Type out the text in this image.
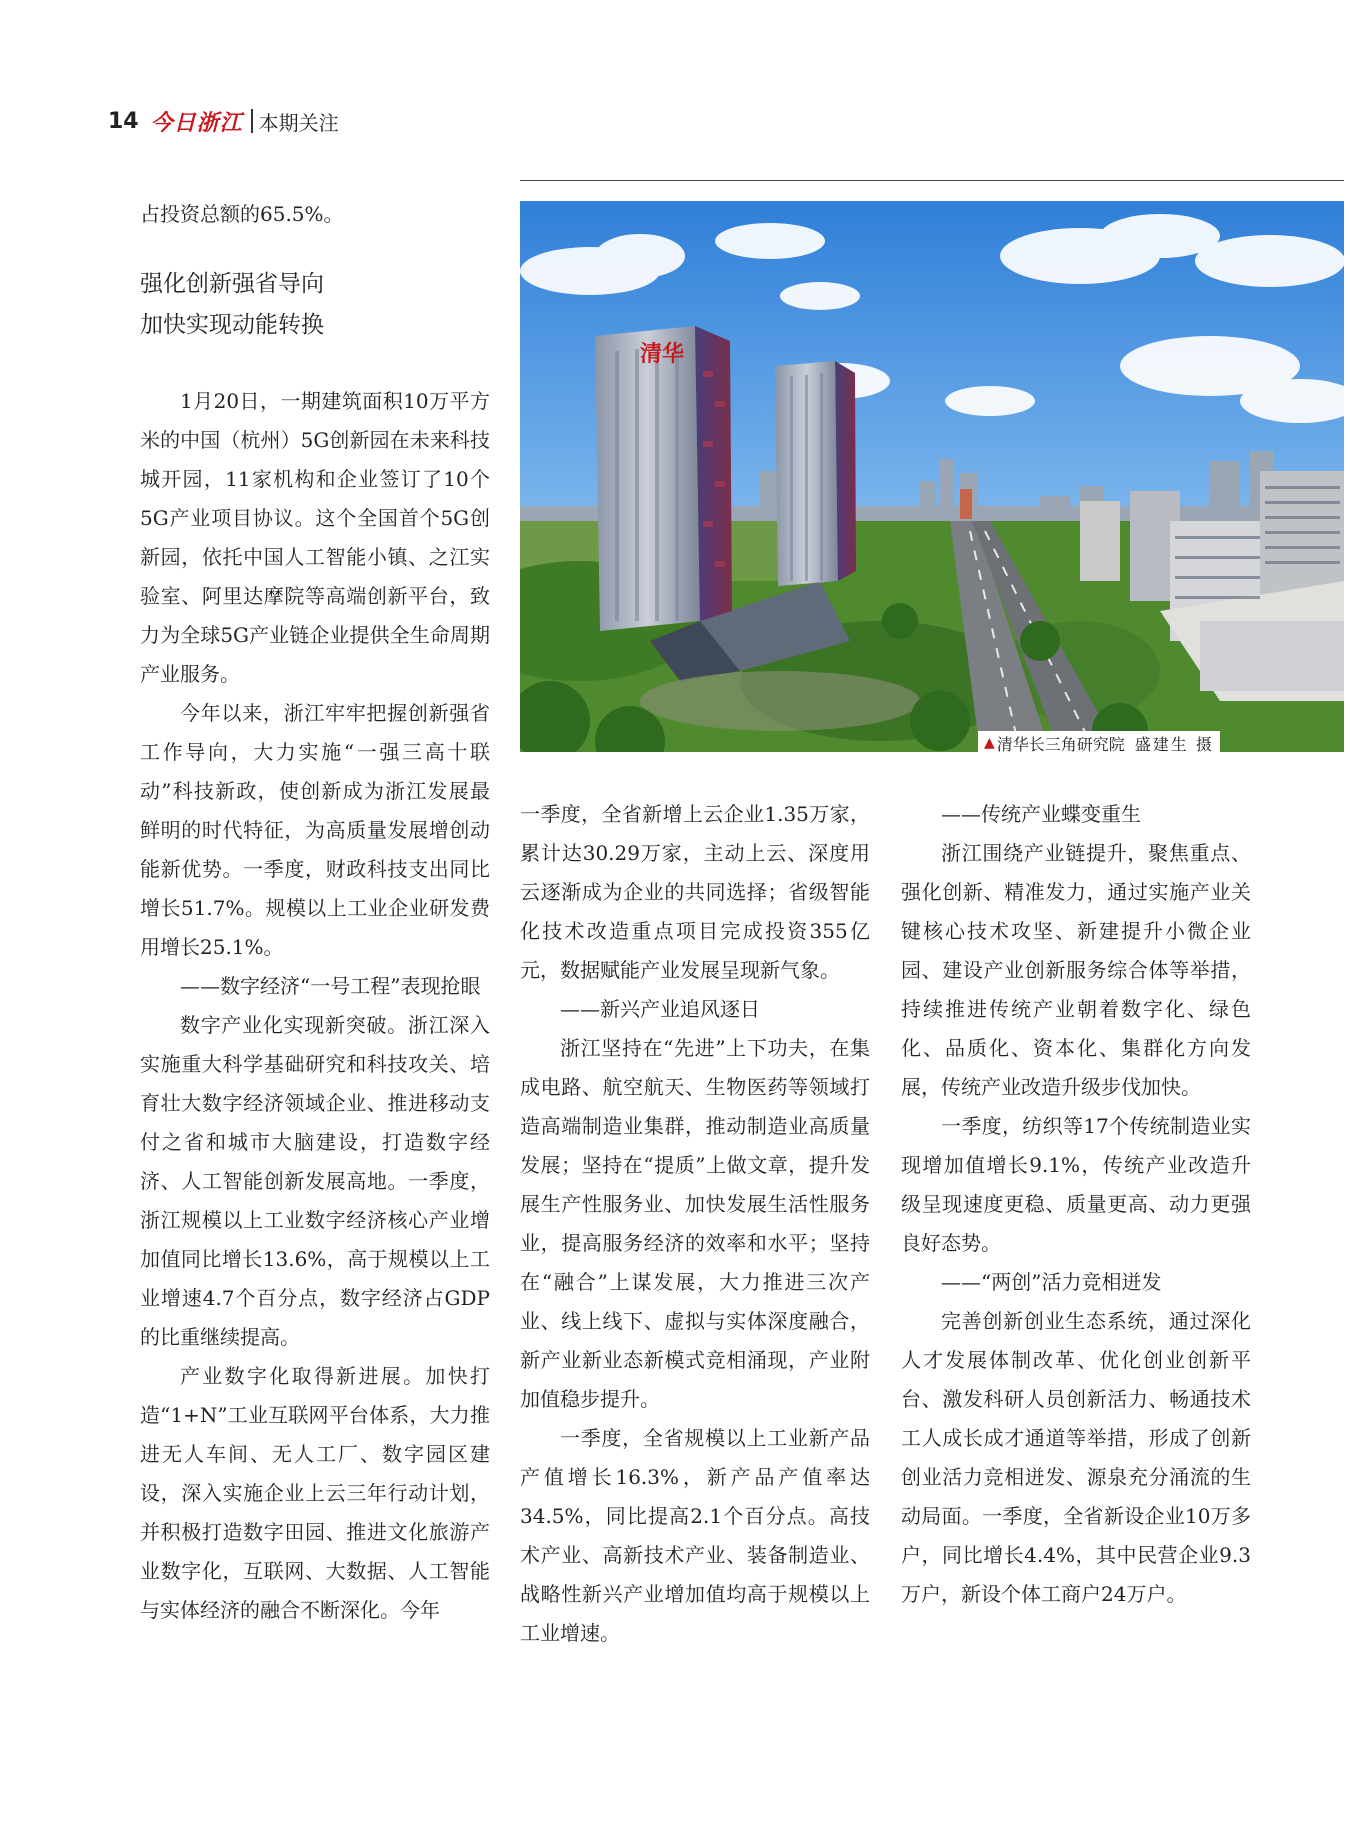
14 今日浙江 本期关注

占投资总额的65.5%。

强化创新强省导向
加快实现动能转换

1月20日，一期建筑面积10万平方米的中国（杭州）5G创新园在未来科技城开园，11家机构和企业签订了10个5G产业项目协议。这个全国首个5G创新园，依托中国人工智能小镇、之江实验室、阿里达摩院等高端创新平台，致力为全球5G产业链企业提供全生命周期产业服务。

今年以来，浙江牢牢把握创新强省工作导向，大力实施“一强三高十联动”科技新政，使创新成为浙江发展最鲜明的时代特征，为高质量发展增创动能新优势。一季度，财政科技支出同比增长51.7%。规模以上工业企业研发费用增长25.1%。

——数字经济“一号工程”表现抢眼

数字产业化实现新突破。浙江深入实施重大科学基础研究和科技攻关、培育壮大数字经济领域企业、推进移动支付之省和城市大脑建设，打造数字经济、人工智能创新发展高地。一季度，浙江规模以上工业数字经济核心产业增加值同比增长13.6%，高于规模以上工业增速4.7个百分点，数字经济占GDP的比重继续提高。

产业数字化取得新进展。加快打造“1+N”工业互联网平台体系，大力推进无人车间、无人工厂、数字园区建设，深入实施企业上云三年行动计划，并积极打造数字田园、推进文化旅游产业数字化，互联网、大数据、人工智能与实体经济的融合不断深化。今年

清华
▲ 清华长三角研究院 盛建生 摄

一季度，全省新增上云企业1.35万家，累计达30.29万家，主动上云、深度用云逐渐成为企业的共同选择；省级智能化技术改造重点项目完成投资355亿元，数据赋能产业发展呈现新气象。

——新兴产业追风逐日

浙江坚持在“先进”上下功夫，在集成电路、航空航天、生物医药等领域打造高端制造业集群，推动制造业高质量发展；坚持在“提质”上做文章，提升发展生产性服务业、加快发展生活性服务业，提高服务经济的效率和水平；坚持在“融合”上谋发展，大力推进三次产业、线上线下、虚拟与实体深度融合，新产业新业态新模式竞相涌现，产业附加值稳步提升。

一季度，全省规模以上工业新产品产值增长16.3%，新产品产值率达34.5%，同比提高2.1个百分点。高技术产业、高新技术产业、装备制造业、战略性新兴产业增加值均高于规模以上工业增速。

——传统产业蝶变重生

浙江围绕产业链提升，聚焦重点、强化创新、精准发力，通过实施产业关键核心技术攻坚、新建提升小微企业园、建设产业创新服务综合体等举措，持续推进传统产业朝着数字化、绿色化、品质化、资本化、集群化方向发展，传统产业改造升级步伐加快。

一季度，纺织等17个传统制造业实现增加值增长9.1%，传统产业改造升级呈现速度更稳、质量更高、动力更强良好态势。

——“两创”活力竞相迸发

完善创新创业生态系统，通过深化人才发展体制改革、优化创业创新平台、激发科研人员创新活力、畅通技术工人成长成才通道等举措，形成了创新创业活力竞相迸发、源泉充分涌流的生动局面。一季度，全省新设企业10万多户，同比增长4.4%，其中民营企业9.3万户，新设个体工商户24万户。
